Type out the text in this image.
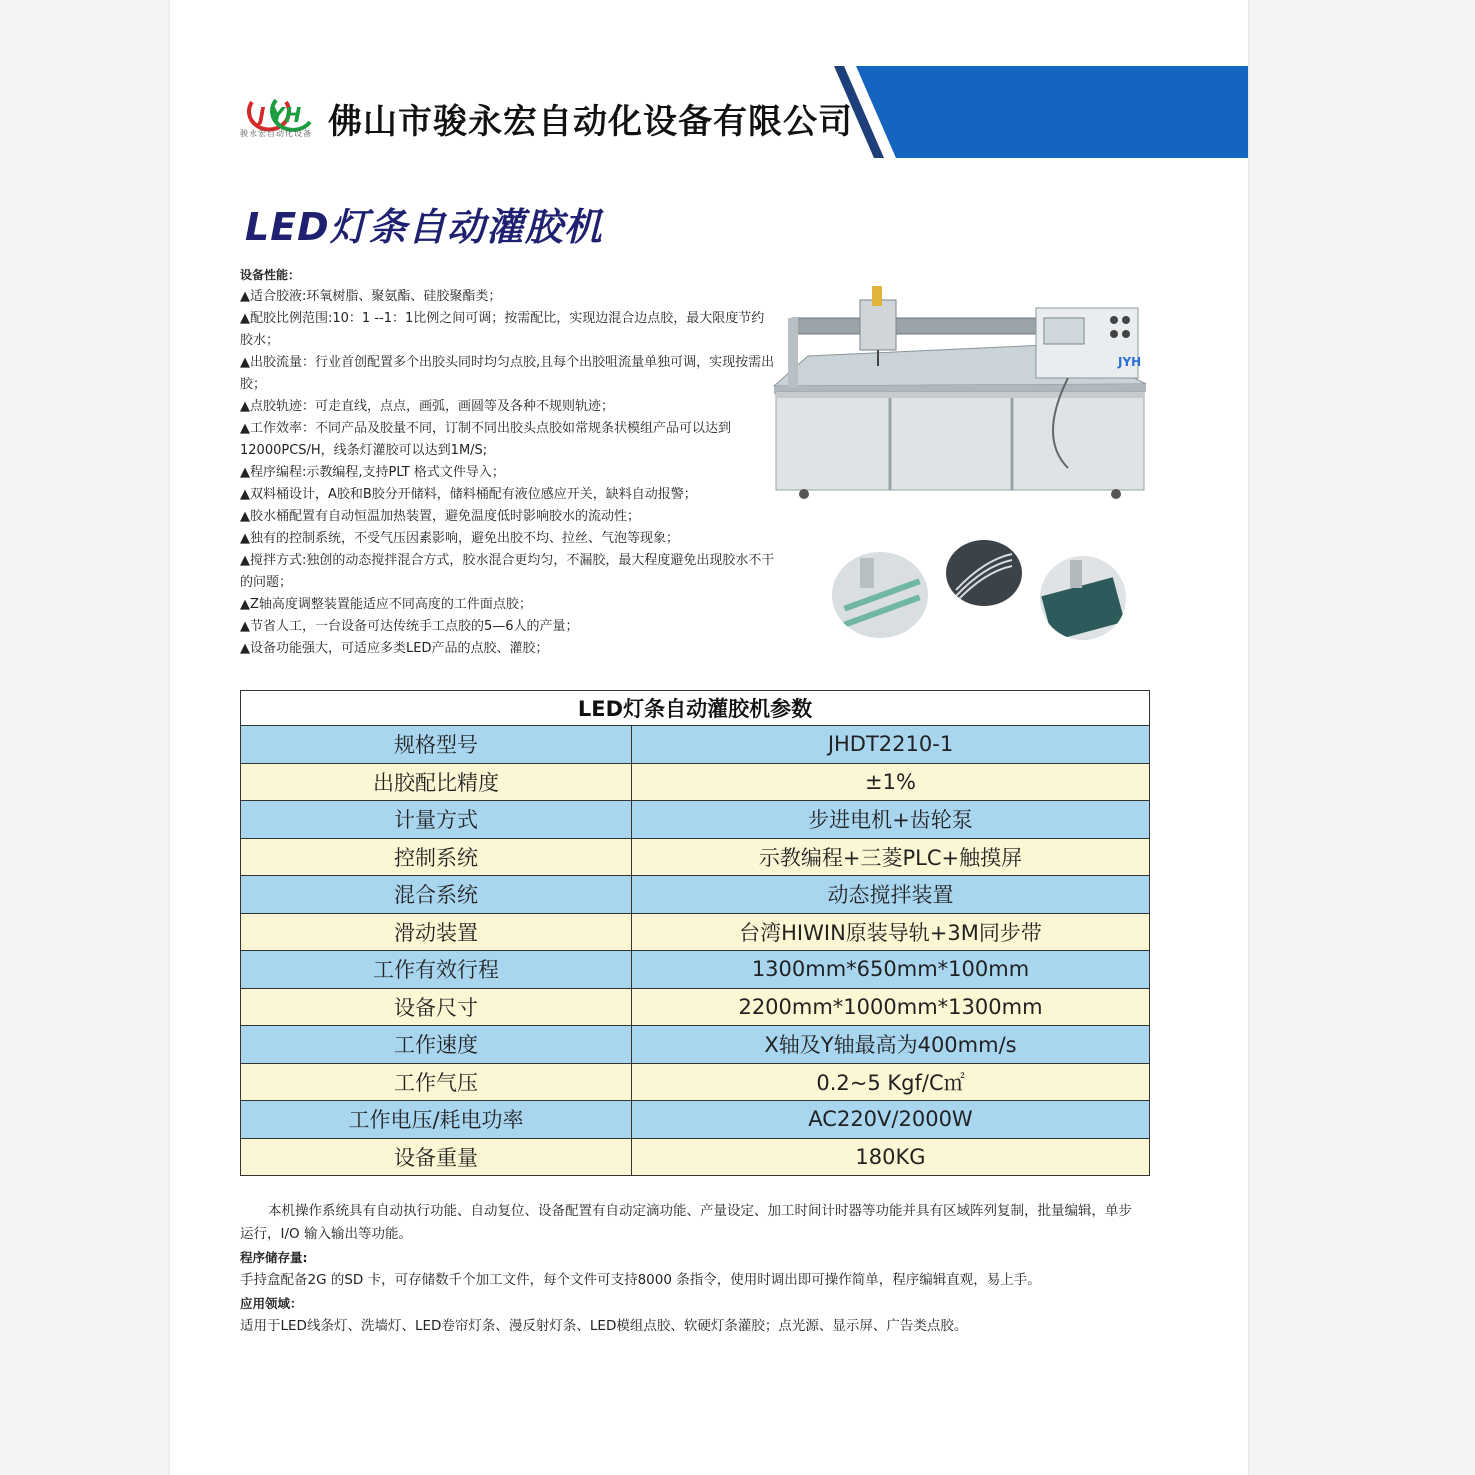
J YH
骏永宏自动化设备 佛山市骏永宏自动化设备有限公司
LED灯条自动灌胶机

设备性能：

▲适合胶液:环氧树脂、聚氨酯、硅胶聚酯类；

▲配胶比例范围:10：1 --1：1比例之间可调；按需配比，实现边混合边点胶，最大限度节约胶水；

▲出胶流量：行业首创配置多个出胶头同时均匀点胶,且每个出胶咀流量单独可调，实现按需出胶；

▲点胶轨迹：可走直线，点点，画弧，画圆等及各种不规则轨迹；

▲工作效率：不同产品及胶量不同，订制不同出胶头点胶如常规条状模组产品可以达到12000PCS/H，线条灯灌胶可以达到1M/S;

▲程序编程:示教编程,支持PLT 格式文件导入；

▲双料桶设计，A胶和B胶分开储料，储料桶配有液位感应开关，缺料自动报警；

▲胶水桶配置有自动恒温加热装置，避免温度低时影响胶水的流动性；

▲独有的控制系统，不受气压因素影响，避免出胶不均、拉丝、气泡等现象；

▲搅拌方式:独创的动态搅拌混合方式，胶水混合更均匀，不漏胶，最大程度避免出现胶水不干的问题；

▲Z轴高度调整装置能适应不同高度的工件面点胶；

▲节省人工，一台设备可达传统手工点胶的5—6人的产量；

▲设备功能强大，可适应多类LED产品的点胶、灌胶；

JYH
LED灯条自动灌胶机参数	
规格型号	JHDT2210-1
出胶配比精度	±1%
计量方式	步进电机+齿轮泵
控制系统	示教编程+三菱PLC+触摸屏
混合系统	动态搅拌装置
滑动装置	台湾HIWIN原装导轨+3M同步带
工作有效行程	1300mm*650mm*100mm
设备尺寸	2200mm*1000mm*1300mm
工作速度	X轴及Y轴最高为400mm/s
工作气压	0.2~5 Kgf/C㎡
工作电压/耗电功率	AC220V/2000W
设备重量	180KG

本机操作系统具有自动执行功能、自动复位、设备配置有自动定滴功能、产量设定、加工时间计时器等功能并具有区域阵列复制，批量编辑，单步运行，I/O 输入输出等功能。

程序储存量:

手持盒配备2G 的SD 卡，可存储数千个加工文件，每个文件可支持8000 条指令，使用时调出即可操作简单，程序编辑直观，易上手。

应用领域：

适用于LED线条灯、洗墙灯、LED卷帘灯条、漫反射灯条、LED模组点胶、软硬灯条灌胶；点光源、显示屏、广告类点胶。
